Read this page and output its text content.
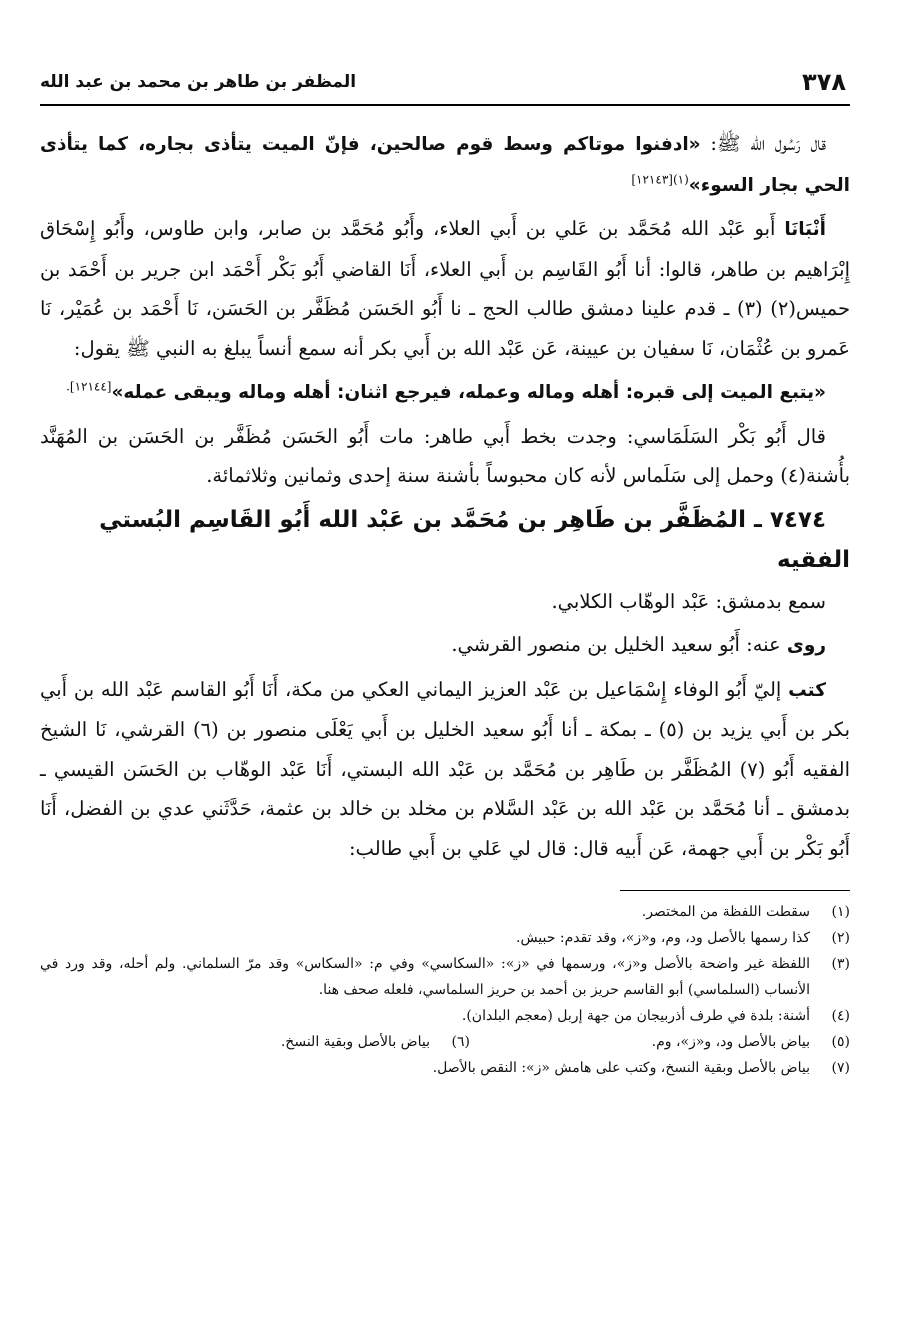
٣٧٨
المظفر بن طاهر بن محمد بن عبد الله

قال رَسُول الله ﷺ: «ادفنوا موتاكم وسط قوم صالحين، فإنّ الميت يتأذى بجاره، كما يتأذى الحي بجار السوء»$^{(١)[١٢١٤٣]}$

أَنْبَانَا أَبو عَبْد الله مُحَمَّد بن عَلي بن أَبي العلاء، وأَبُو مُحَمَّد بن صابر، وابن طاوس، وأَبُو إِسْحَاق إِبْرَاهيم بن طاهر، قالوا: أنا أَبُو القَاسِم بن أَبي العلاء، أَنَا القاضي أَبُو بَكْر أَحْمَد ابن جرير بن أَحْمَد بن حميس(٢) (٣) ـ قدم علينا دمشق طالب الحج ـ نا أَبُو الحَسَن مُظَفَّر بن الحَسَن، نَا أَحْمَد بن عُمَيْر، نَا عَمرو بن عُثْمَان، نَا سفيان بن عيينة، عَن عَبْد الله بن أَبي بكر أنه سمع أنساً يبلغ به النبي ﷺ يقول:

«يتبع الميت إلى قبره: أهله وماله وعمله، فيرجع اثنان: أهله وماله ويبقى عمله»$^{[١٢١٤٤].}$

قال أَبُو بَكْر السَلَمَاسي: وجدت بخط أَبي طاهر: مات أَبُو الحَسَن مُظَفَّر بن الحَسَن بن المُهَنَّد بأُشنة(٤) وحمل إلى سَلَماس لأنه كان محبوساً بأشنة سنة إحدى وثمانين وثلاثمائة.

٧٤٧٤ ـ المُظَفَّر بن طَاهِر بن مُحَمَّد بن عَبْد الله أَبُو القَاسِم البُستي الفقيه

سمع بدمشق: عَبْد الوهّاب الكلابي.

روى عنه: أَبُو سعيد الخليل بن منصور القرشي.

كتب إليّ أَبُو الوفاء إِسْمَاعيل بن عَبْد العزيز اليماني العكي من مكة، أَنَا أَبُو القاسم عَبْد الله بن أَبي بكر بن أَبي يزيد بن (٥) ـ بمكة ـ أنا أَبُو سعيد الخليل بن أَبي يَعْلَى منصور بن (٦) القرشي، نَا الشيخ الفقيه أَبُو (٧) المُظَفَّر بن طَاهِر بن مُحَمَّد بن عَبْد الله البستي، أَنَا عَبْد الوهّاب بن الحَسَن القيسي ـ بدمشق ـ أنا مُحَمَّد بن عَبْد الله بن عَبْد السَّلام بن مخلد بن خالد بن عثمة، حَدَّثَني عدي بن الفضل، أَنَا أَبُو بَكْر بن أَبي جهمة، عَن أَبيه قال: قال لي عَلي بن أَبي طالب:

(١)
سقطت اللفظة من المختصر.
(٢)
كذا رسمها بالأصل ود، وم، و«ز»، وقد تقدم: حبيش.
(٣)
اللفظة غير واضحة بالأصل و«ز»، ورسمها في «ز»: «السكاسي» وفي م: «السكاس» وقد مرّ السلماني. ولم أحله، وقد ورد في الأنساب (السلماسي) أبو القاسم حريز بن أحمد بن حريز السلماسي، فلعله صحف هنا.
(٤)
أشنة: بلدة في طرف أذربيجان من جهة إربل (معجم البلدان).
(٥)
بياض بالأصل ود، و«ز»، وم.
(٦)
بياض بالأصل وبقية النسخ.
(٧)
بياض بالأصل وبقية النسخ، وكتب على هامش «ز»: النقص بالأصل.
